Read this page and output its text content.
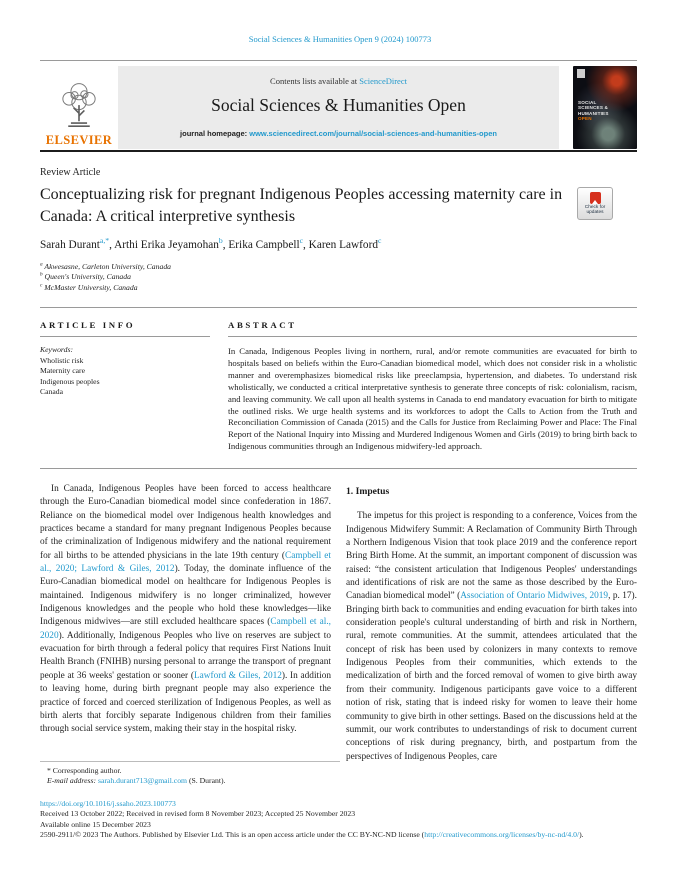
Social Sciences & Humanities Open 9 (2024) 100773
ELSEVIER
Contents lists available at ScienceDirect
Social Sciences & Humanities Open
journal homepage: www.sciencedirect.com/journal/social-sciences-and-humanities-open
SOCIAL
SCIENCES &
HUMANITIES
OPEN
Review Article
Conceptualizing risk for pregnant Indigenous Peoples accessing maternity care in Canada: A critical interpretive synthesis
Check for updates
Sarah Durant$^{a,*}$, Arthi Erika Jeyamohan$^b$, Erika Campbell$^c$, Karen Lawford$^c$
$^a$ Akwesasne, Carleton University, Canada
$^b$ Queen's University, Canada
$^c$ McMaster University, Canada
ARTICLE INFO
Keywords:
Wholistic risk
Maternity care
Indigenous peoples
Canada
ABSTRACT
In Canada, Indigenous Peoples living in northern, rural, and/or remote communities are evacuated for birth to hospitals based on beliefs within the Euro-Canadian biomedical model, which does not consider risk in a wholistic manner and overemphasizes biomedical risks like preeclampsia, hypertension, and diabetes. To understand risk wholistically, we conducted a critical interpretative synthesis to generate three concepts of risk: colonialism, racism, and leaving community. We call upon all health systems in Canada to end mandatory evacuation for birth to mitigate the outlined risks. We urge health systems and its workforces to adopt the Calls to Action from the Truth and Reconciliation Commission of Canada (2015) and the Calls for Justice from Reclaiming Power and Place: The Final Report of the National Inquiry into Missing and Murdered Indigenous Women and Girls (2019) to bring birth back to Indigenous communities through an Indigenous midwifery-led approach.

In Canada, Indigenous Peoples have been forced to access healthcare through the Euro-Canadian biomedical model since confederation in 1867. Reliance on the biomedical model over Indigenous health knowledges and practices became a standard for many pregnant Indigenous Peoples because of the criminalization of Indigenous midwifery and the national requirement for all births to be attended physicians in the late 19th century (Campbell et al., 2020; Lawford & Giles, 2012). Today, the dominate influence of the Euro-Canadian biomedical model on healthcare for Indigenous Peoples is maintained. Indigenous midwifery is no longer criminalized, however Indigenous knowledges and the people who hold these knowledges—like Indigenous midwives—are still excluded healthcare spaces (Campbell et al., 2020). Additionally, Indigenous Peoples who live on reserves are subject to evacuation for birth through a federal policy that requires First Nations Inuit Health Branch (FNIHB) nursing personal to arrange the transport of pregnant people at 36 weeks' gestation or sooner (Lawford & Giles, 2012). In addition to leaving home, during birth pregnant people may also experience the practice of forced and coerced sterilization of Indigenous Peoples, as well as birth alerts that forcibly separate Indigenous children from their families through social service system, making their stay in the hospital risky.

1. Impetus

The impetus for this project is responding to a conference, Voices from the Indigenous Midwifery Summit: A Reclamation of Community Birth Through a Northern Indigenous Vision that took place 2019 and the conference report Bring Birth Home. At the summit, an important component of discussion was raised: “the consistent articulation that Indigenous Peoples' understandings and identifications of risk are not the same as those described by the Euro-Canadian biomedical model” (Association of Ontario Midwives, 2019, p. 17). Bringing birth back to communities and ending evacuation for birth takes into consideration people's cultural understanding of birth and risk in Northern, rural, remote communities. At the summit, attendees articulated that the concept of risk has been used by colonizers in many contexts to remove Indigenous Peoples from their communities, which extends to the medicalization of birth and the forced removal of women to give birth away from their community. Indigenous participants gave voice to a different notion of risk, stating that is indeed risky for women to leave their home community to give birth in other settings. Based on the discussions held at the summit, our work contributes to understandings of risk to document current conceptions of risk during pregnancy, birth, and postpartum from the perspectives of Indigenous Peoples, care

* Corresponding author.
E-mail address: sarah.durant713@gmail.com (S. Durant).
https://doi.org/10.1016/j.ssaho.2023.100773
Received 13 October 2022; Received in revised form 8 November 2023; Accepted 25 November 2023
Available online 15 December 2023
2590-2911/© 2023 The Authors. Published by Elsevier Ltd. This is an open access article under the CC BY-NC-ND license (http://creativecommons.org/licenses/by-nc-nd/4.0/).
